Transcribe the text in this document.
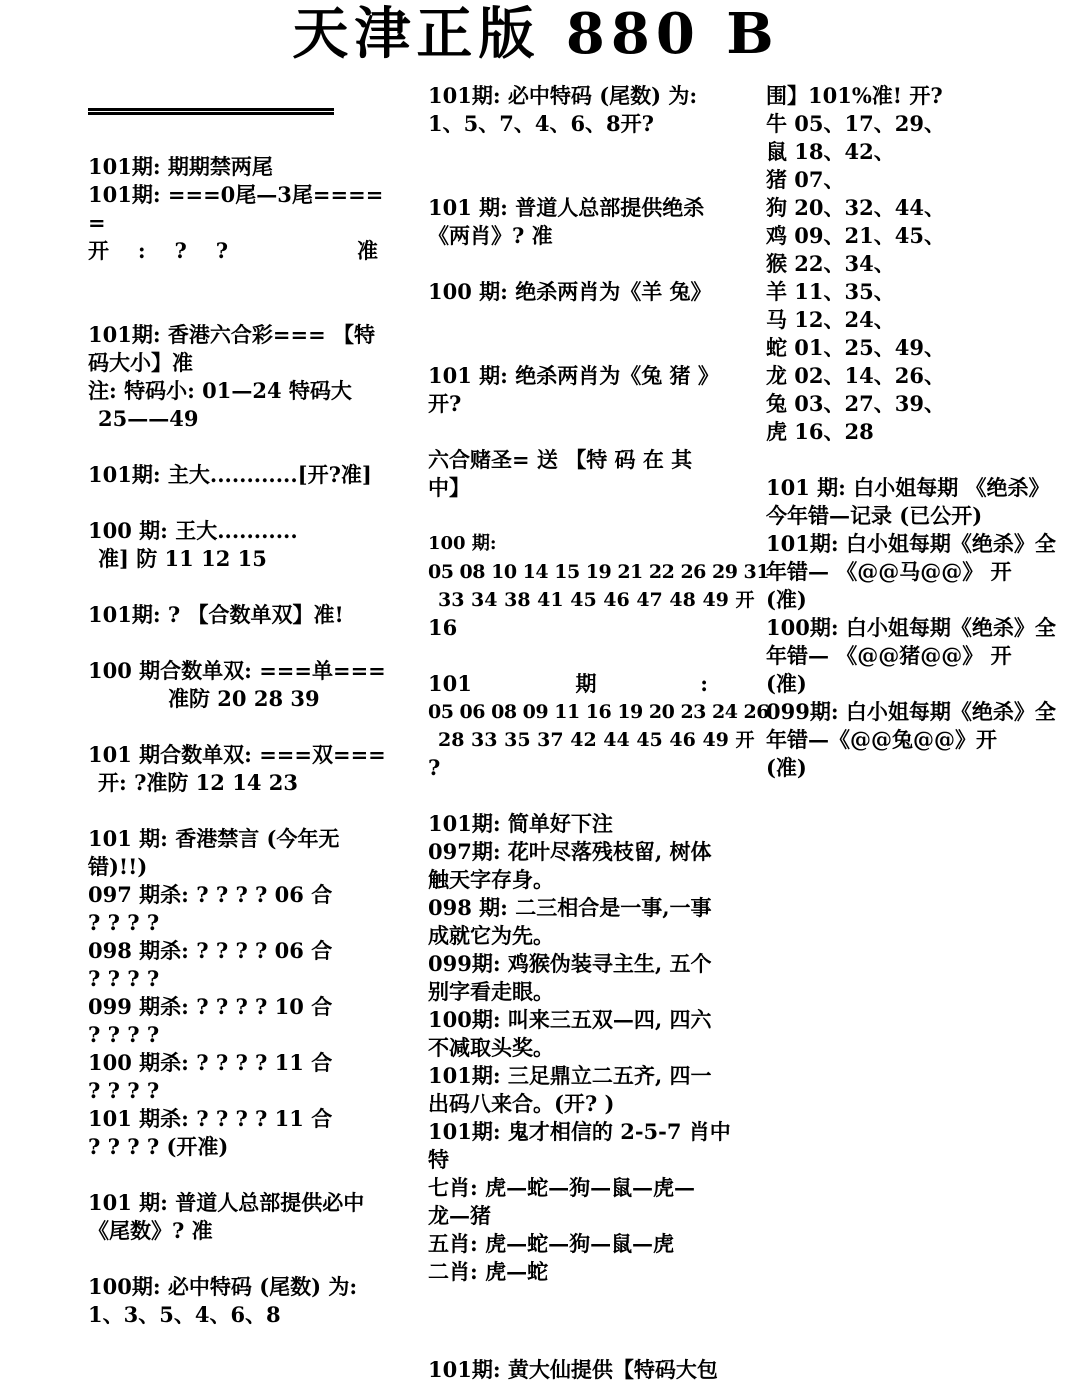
天津正版 880 B
101期: 期期禁两尾
101期: ===0尾—3尾====
=
开 : ? ?	准
101期: 香港六合彩=== 【特
码大小】准
注: 特码小: 01—24 特码大
25——49
101期: 主大............[开?准]
100 期: 王大...........
准] 防 11 12 15
101期: ? 【合数单双】准!
100 期合数单双: ===单===
准防 20 28 39
101 期合数单双: ===双===
开: ?准防 12 14 23
101 期: 香港禁言 (今年无
错)!!)
097 期杀: ? ? ? ? 06 合
? ? ? ?
098 期杀: ? ? ? ? 06 合
? ? ? ?
099 期杀: ? ? ? ? 10 合
? ? ? ?
100 期杀: ? ? ? ? 11 合
? ? ? ?
101 期杀: ? ? ? ? 11 合
? ? ? ? (开准)
101 期: 普道人总部提供必中
《尾数》? 准
100期: 必中特码 (尾数) 为:
1、3、5、4、6、8
101期: 必中特码 (尾数) 为:
1、5、7、4、6、8开?
101 期: 普道人总部提供绝杀
《两肖》? 准
100 期: 绝杀两肖为《羊 兔》
101 期: 绝杀两肖为《兔 猪 》
开?
六合赌圣= 送 【特 码 在 其
中】
100 期:
05 08 10 14 15 19 21 22 26 29 31
33 34 38 41 45 46 47 48 49 开
16
101	期	:
05 06 08 09 11 16 19 20 23 24 26
28 33 35 37 42 44 45 46 49 开
?
101期: 简单好下注
097期: 花叶尽落残枝留, 树体
触天字存身。
098 期: 二三相合是一事,一事
成就它为先。
099期: 鸡猴伪装寻主生, 五个
别字看走眼。
100期: 叫来三五双—四, 四六
不减取头奖。
101期: 三足鼎立二五齐, 四一
出码八来合。(开? )
101期: 鬼才相信的 2-5-7 肖中
特
七肖: 虎—蛇—狗—鼠—虎—
龙—猪
五肖: 虎—蛇—狗—鼠—虎
二肖: 虎—蛇
101期: 黄大仙提供【特码大包
围】101%准! 开?
牛 05、17、29、
鼠 18、42、
猪 07、
狗 20、32、44、
鸡 09、21、45、
猴 22、34、
羊 11、35、
马 12、24、
蛇 01、25、49、
龙 02、14、26、
兔 03、27、39、
虎 16、28
101 期: 白小姐每期 《绝杀》
今年错—记录 (已公开)
101期: 白小姐每期《绝杀》全
年错— 《@@马@@》 开
(准)
100期: 白小姐每期《绝杀》全
年错— 《@@猪@@》 开
(准)
099期: 白小姐每期《绝杀》全
年错—《@@兔@@》开
(准)
